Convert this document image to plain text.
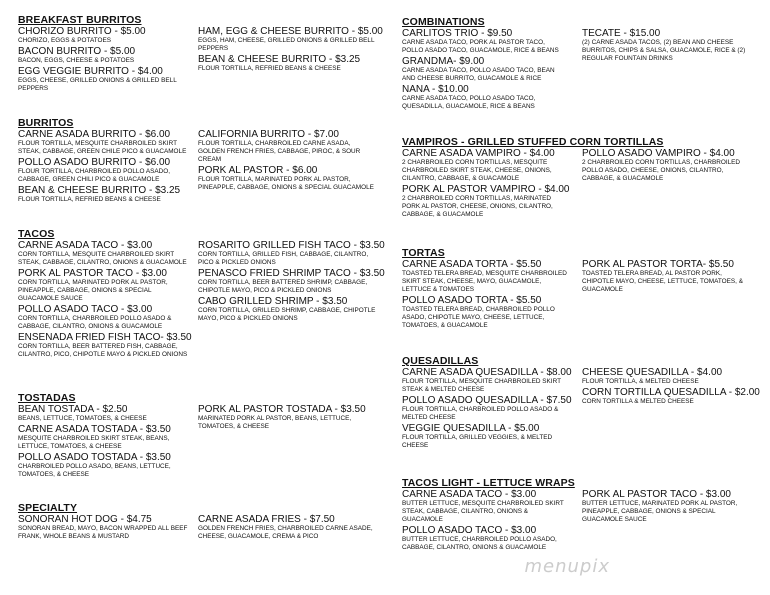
BREAKFAST BURRITOS
CHORIZO BURRITO - $5.00
CHORIZO, EGGS & POTATOES
BACON BURRITO - $5.00
BACON, EGGS, CHEESE & POTATOES
EGG VEGGIE BURRITO - $4.00
EGGS, CHEESE, GRILLED ONIONS & GRILLED BELL PEPPERS
HAM, EGG & CHEESE BURRITO - $5.00
EGGS, HAM, CHEESE, GRILLED ONIONS & GRILLED BELL PEPPERS
BEAN & CHEESE BURRITO - $3.25
FLOUR TORTILLA, REFRIED BEANS & CHEESE
BURRITOS
CARNE ASADA BURRITO - $6.00
FLOUR TORTILLA, MESQUITE CHARBROILED SKIRT STEAK, CABBAGE, GREEN CHILE PICO & GUACAMOLE
POLLO ASADO BURRITO - $6.00
FLOUR TORTILLA, CHARBROILED POLLO ASADO, CABBAGE, GREEN CHILI PICO & GUACAMOLE
BEAN & CHEESE BURRITO - $3.25
FLOUR TORTILLA, REFRIED BEANS & CHEESE
CALIFORNIA BURRITO - $7.00
FLOUR TORTILLA, CHARBROILED CARNE ASADA, GOLDEN FRENCH FRIES, CABBAGE, PIROC, & SOUR CREAM
PORK AL PASTOR - $6.00
FLOUR TORTILLA, MARINATED PORK AL PASTOR, PINEAPPLE, CABBAGE, ONIONS & SPECIAL GUACAMOLE
TACOS
CARNE ASADA TACO - $3.00
CORN TORTILLA, MESQUITE CHARBROILED SKIRT STEAK, CABBAGE, CILANTRO, ONIONS & GUACAMOLE
PORK AL PASTOR TACO - $3.00
CORN TORTILLA, MARINATED PORK AL PASTOR, PINEAPPLE, CABBAGE, ONIONS & SPECIAL GUACAMOLE SAUCE
POLLO ASADO TACO - $3.00
CORN TORTILLA, CHARBROILED POLLO ASADO & CABBAGE, CILANTRO, ONIONS & GUACAMOLE
ENSENADA FRIED FISH TACO- $3.50
CORN TORTILLA, BEER BATTERED FISH, CABBAGE, CILANTRO, PICO, CHIPOTLE MAYO & PICKLED ONIONS
ROSARITO GRILLED FISH TACO - $3.50
CORN TORTILLA, GRILLED FISH, CABBAGE, CILANTRO, PICO & PICKLED ONIONS
PENASCO FRIED SHRIMP TACO - $3.50
CORN TORTILLA, BEER BATTERED SHRIMP, CABBAGE, CHIPOTLE MAYO, PICO & PICKLED ONIONS
CABO GRILLED SHRIMP - $3.50
CORN TORTILLA, GRILLED SHRIMP, CABBAGE, CHIPOTLE MAYO, PICO & PICKLED ONIONS
TOSTADAS
BEAN TOSTADA - $2.50
BEANS, LETTUCE, TOMATOES, & CHEESE
CARNE ASADA TOSTADA - $3.50
MESQUITE CHARBROILED SKIRT STEAK, BEANS, LETTUCE, TOMATOES, & CHEESE
POLLO ASADO TOSTADA - $3.50
CHARBROILED POLLO ASADO, BEANS, LETTUCE, TOMATOES, & CHEESE
PORK AL PASTOR TOSTADA - $3.50
MARINATED PORK AL PASTOR, BEANS, LETTUCE, TOMATOES, & CHEESE
SPECIALTY
SONORAN HOT DOG - $4.75
SONORAN BREAD, MAYO, BACON WRAPPED ALL BEEF FRANK, WHOLE BEANS & MUSTARD
CARNE ASADA FRIES - $7.50
GOLDEN FRENCH FRIES, CHARBROILED CARNE ASADE, CHEESE, GUACAMOLE, CREMA & PICO
COMBINATIONS
CARLITOS TRIO - $9.50
CARNE ASADA TACO, PORK AL PASTOR TACO, POLLO ASADO TACO, GUACAMOLE, RICE & BEANS
GRANDMA- $9.00
CARNE ASADA TACO, POLLO ASADO TACO, BEAN AND CHEESE BURRITO, GUACAMOLE & RICE
NANA - $10.00
CARNE ASADA TACO, POLLO ASADO TACO, QUESADILLA, GUACAMOLE, RICE & BEANS
TECATE - $15.00
(2) CARNE ASADA TACOS, (2) BEAN AND CHEESE BURRITOS, CHIPS & SALSA, GUACAMOLE, RICE & (2) REGULAR FOUNTAIN DRINKS
VAMPIROS - GRILLED STUFFED CORN TORTILLAS
CARNE ASADA VAMPIRO - $4.00
2 CHARBROILED CORN TORTILLAS, MESQUITE CHARBROILED SKIRT STEAK, CHEESE, ONIONS, CILANTRO, CABBAGE, & GUACAMOLE
PORK AL PASTOR VAMPIRO - $4.00
2 CHARBROILED CORN TORTILLAS, MARINATED PORK AL PASTOR, CHEESE, ONIONS, CILANTRO, CABBAGE, & GUACAMOLE
POLLO ASADO VAMPIRO - $4.00
2 CHARBROILED CORN TORTILLAS, CHARBROILED POLLO ASADO, CHEESE, ONIONS, CILANTRO, CABBAGE, & GUACAMOLE
TORTAS
CARNE ASADA TORTA - $5.50
TOASTED TELERA BREAD, MESQUITE CHARBROILED SKIRT STEAK, CHEESE, MAYO, GUACAMOLE, LETTUCE & TOMATOES
POLLO ASADO TORTA - $5.50
TOASTED TELERA BREAD, CHARBROILED POLLO ASADO, CHIPOTLE MAYO, CHEESE, LETTUCE, TOMATOES, & GUACAMOLE
PORK AL PASTOR TORTA- $5.50
TOASTED TELERA BREAD, AL PASTOR PORK, CHIPOTLE MAYO, CHEESE, LETTUCE, TOMATOES, & GUACAMOLE
QUESADILLAS
CARNE ASADA QUESADILLA - $8.00
FLOUR TORTILLA, MESQUITE CHARBROILED SKIRT STEAK & MELTED CHEESE
POLLO ASADO QUESADILLA - $7.50
FLOUR TORTILLA, CHARBROILED POLLO ASADO & MELTED CHEESE
VEGGIE QUESADILLA - $5.00
FLOUR TORTILLA, GRILLED VEGGIES, & MELTED CHEESE
CHEESE QUESADILLA - $4.00
FLOUR TORTILLA, & MELTED CHEESE
CORN TORTILLA QUESADILLA - $2.00
CORN TORTILLA & MELTED CHEESE
TACOS LIGHT - LETTUCE WRAPS
CARNE ASADA TACO - $3.00
BUTTER LETTUCE, MESQUITE CHARBROILED SKIRT STEAK, CABBAGE, CILANTRO, ONIONS & GUACAMOLE
POLLO ASADO TACO - $3.00
BUTTER LETTUCE, CHARBROILED POLLO ASADO, CABBAGE, CILANTRO, ONIONS & GUACAMOLE
PORK AL PASTOR TACO - $3.00
BUTTER LETTUCE, MARINATED PORK AL PASTOR, PINEAPPLE, CABBAGE, ONIONS & SPECIAL GUACAMOLE SAUCE
menupix
